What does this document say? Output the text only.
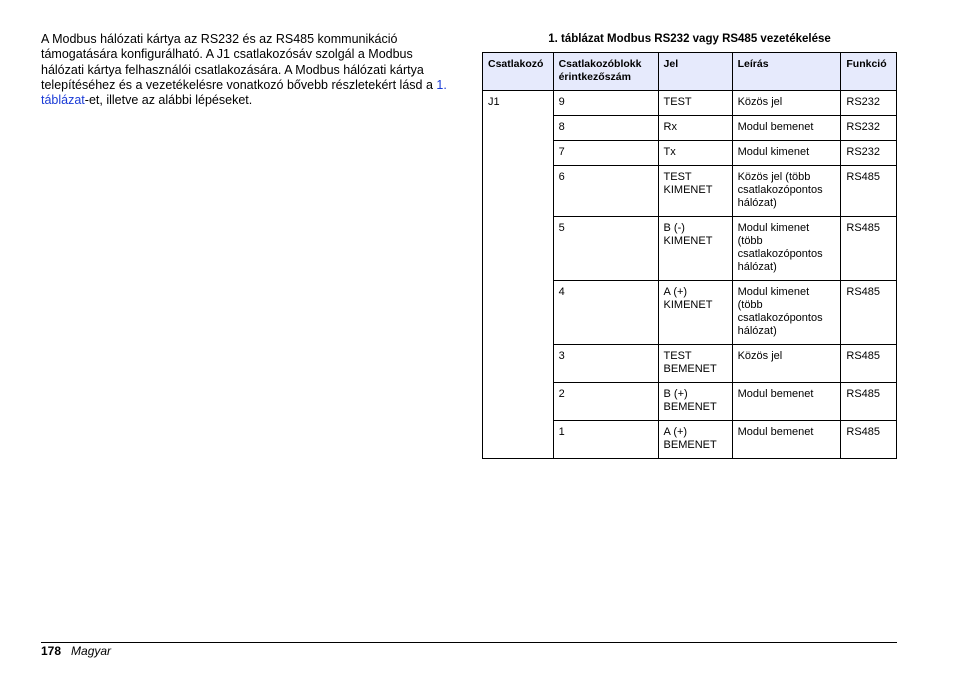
A Modbus hálózati kártya az RS232 és az RS485 kommunikáció támogatására konfigurálható. A J1 csatlakozósáv szolgál a Modbus hálózati kártya felhasználói csatlakozására. A Modbus hálózati kártya telepítéséhez és a vezetékelésre vonatkozó bővebb részletekért lásd a 1. táblázat-et, illetve az alábbi lépéseket.
1. táblázat Modbus RS232 vagy RS485 vezetékelése
Csatlakozó	Csatlakozóblokk érintkezőszám	Jel	Leírás	Funkció
J1	9	TEST	Közös jel	RS232
	8	Rx	Modul bemenet	RS232
	7	Tx	Modul kimenet	RS232
	6	TEST KIMENET	Közös jel (több csatlakozópontos hálózat)	RS485
	5	B (-) KIMENET	Modul kimenet (több csatlakozópontos hálózat)	RS485
	4	A (+) KIMENET	Modul kimenet (több csatlakozópontos hálózat)	RS485
	3	TEST BEMENET	Közös jel	RS485
	2	B (+) BEMENET	Modul bemenet	RS485
	1	A (+) BEMENET	Modul bemenet	RS485
178 Magyar
